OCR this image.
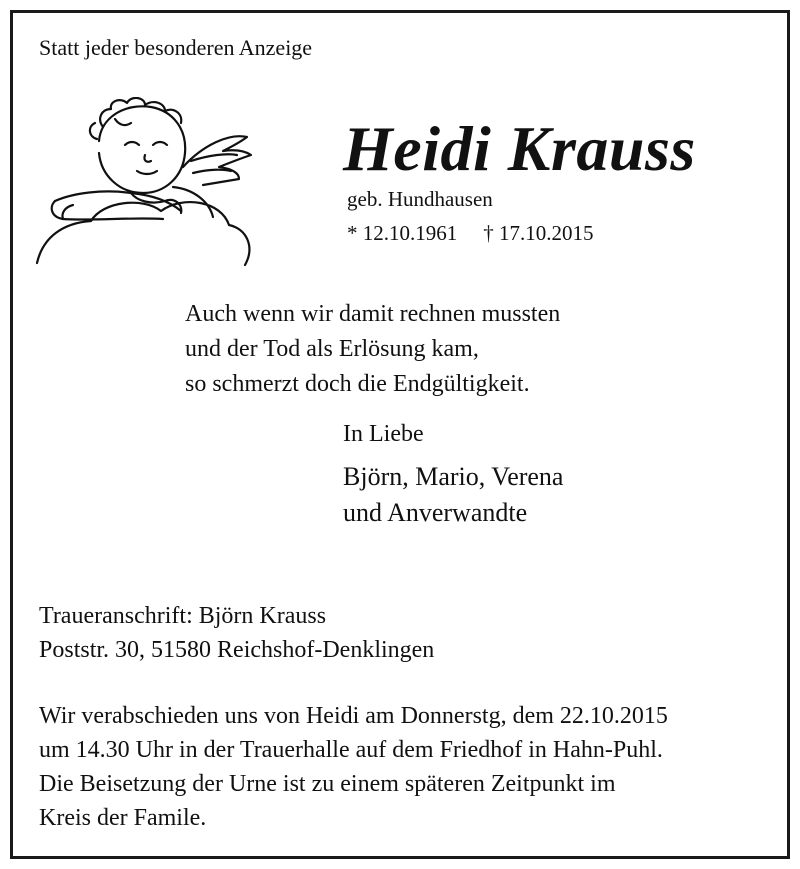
Statt jeder besonderen Anzeige
Heidi Krauss
geb. Hundhausen
* 12.10.1961 † 17.10.2015
Auch wenn wir damit rechnen mussten
und der Tod als Erlösung kam,
so schmerzt doch die Endgültigkeit.
In Liebe
Björn, Mario, Verena
und Anverwandte
Traueranschrift: Björn Krauss
Poststr. 30, 51580 Reichshof-Denklingen
Wir verabschieden uns von Heidi am Donnerstg, dem 22.10.2015
um 14.30 Uhr in der Trauerhalle auf dem Friedhof in Hahn-Puhl.
Die Beisetzung der Urne ist zu einem späteren Zeitpunkt im
Kreis der Famile.
